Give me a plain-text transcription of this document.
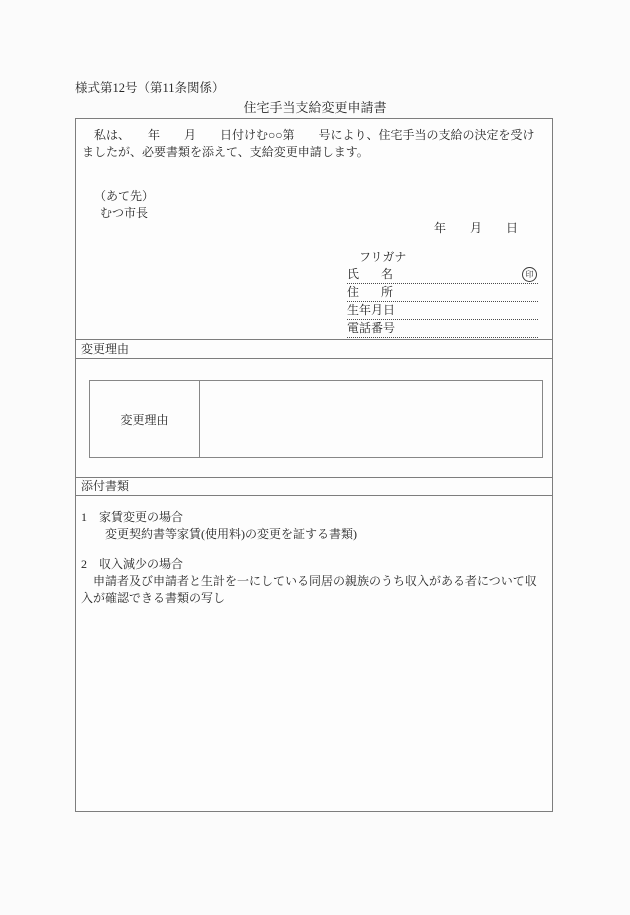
様式第12号（第11条関係）
住宅手当支給変更申請書
　私は、　　年　　月　　日付けむ○○第　　号により、住宅手当の支給の決定を受け
ましたが、必要書類を添えて、支給変更申請します。
（あて先）
むつ市長
年　　月　　日
フリガナ
氏 名	印
住 所
生年月日
電話番号
変更理由
変更理由
添付書類
1　家賃変更の場合
　　変更契約書等家賃(使用料)の変更を証する書類)
2　収入減少の場合
　申請者及び申請者と生計を一にしている同居の親族のうち収入がある者について収
入が確認できる書類の写し
